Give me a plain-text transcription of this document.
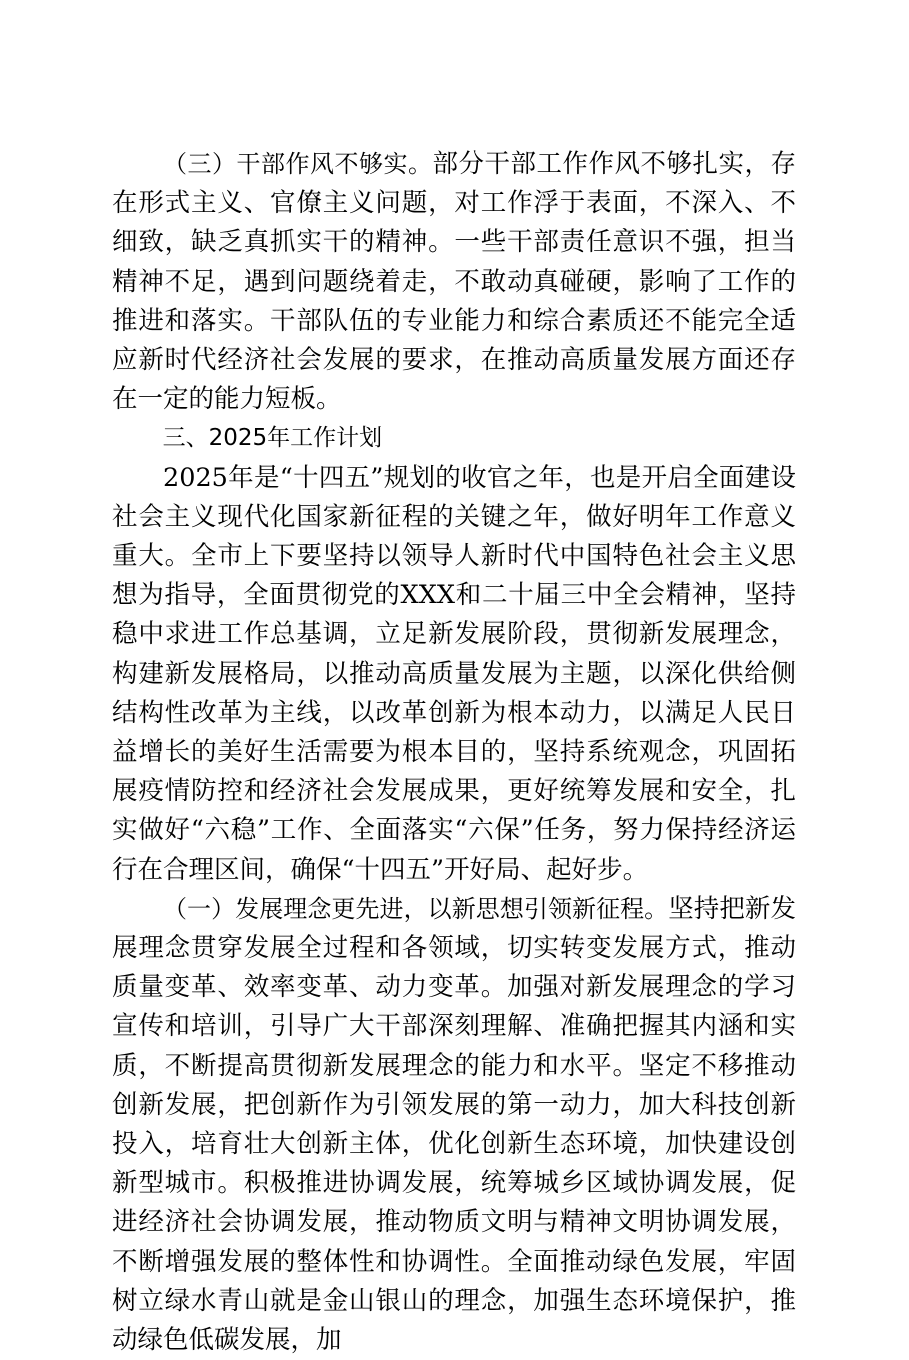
（三）干部作风不够实。部分干部工作作风不够扎实，存在形式主义、官僚主义问题，对工作浮于表面，不深入、不细致，缺乏真抓实干的精神。一些干部责任意识不强，担当精神不足，遇到问题绕着走，不敢动真碰硬，影响了工作的推进和落实。干部队伍的专业能力和综合素质还不能完全适应新时代经济社会发展的要求，在推动高质量发展方面还存在一定的能力短板。

三、2025年工作计划

2025年是“十四五”规划的收官之年，也是开启全面建设社会主义现代化国家新征程的关键之年，做好明年工作意义重大。全市上下要坚持以领导人新时代中国特色社会主义思想为指导，全面贯彻党的XXX和二十届三中全会精神，坚持稳中求进工作总基调，立足新发展阶段，贯彻新发展理念，构建新发展格局，以推动高质量发展为主题，以深化供给侧结构性改革为主线，以改革创新为根本动力，以满足人民日益增长的美好生活需要为根本目的，坚持系统观念，巩固拓展疫情防控和经济社会发展成果，更好统筹发展和安全，扎实做好“六稳”工作、全面落实“六保”任务，努力保持经济运行在合理区间，确保“十四五”开好局、起好步。

（一）发展理念更先进，以新思想引领新征程。坚持把新发展理念贯穿发展全过程和各领域，切实转变发展方式，推动质量变革、效率变革、动力变革。加强对新发展理念的学习宣传和培训，引导广大干部深刻理解、准确把握其内涵和实质，不断提高贯彻新发展理念的能力和水平。坚定不移推动创新发展，把创新作为引领发展的第一动力，加大科技创新投入，培育壮大创新主体，优化创新生态环境，加快建设创新型城市。积极推进协调发展，统筹城乡区域协调发展，促进经济社会协调发展，推动物质文明与精神文明协调发展，不断增强发展的整体性和协调性。全面推动绿色发展，牢固树立绿水青山就是金山银山的理念，加强生态环境保护，推动绿色低碳发展，加
